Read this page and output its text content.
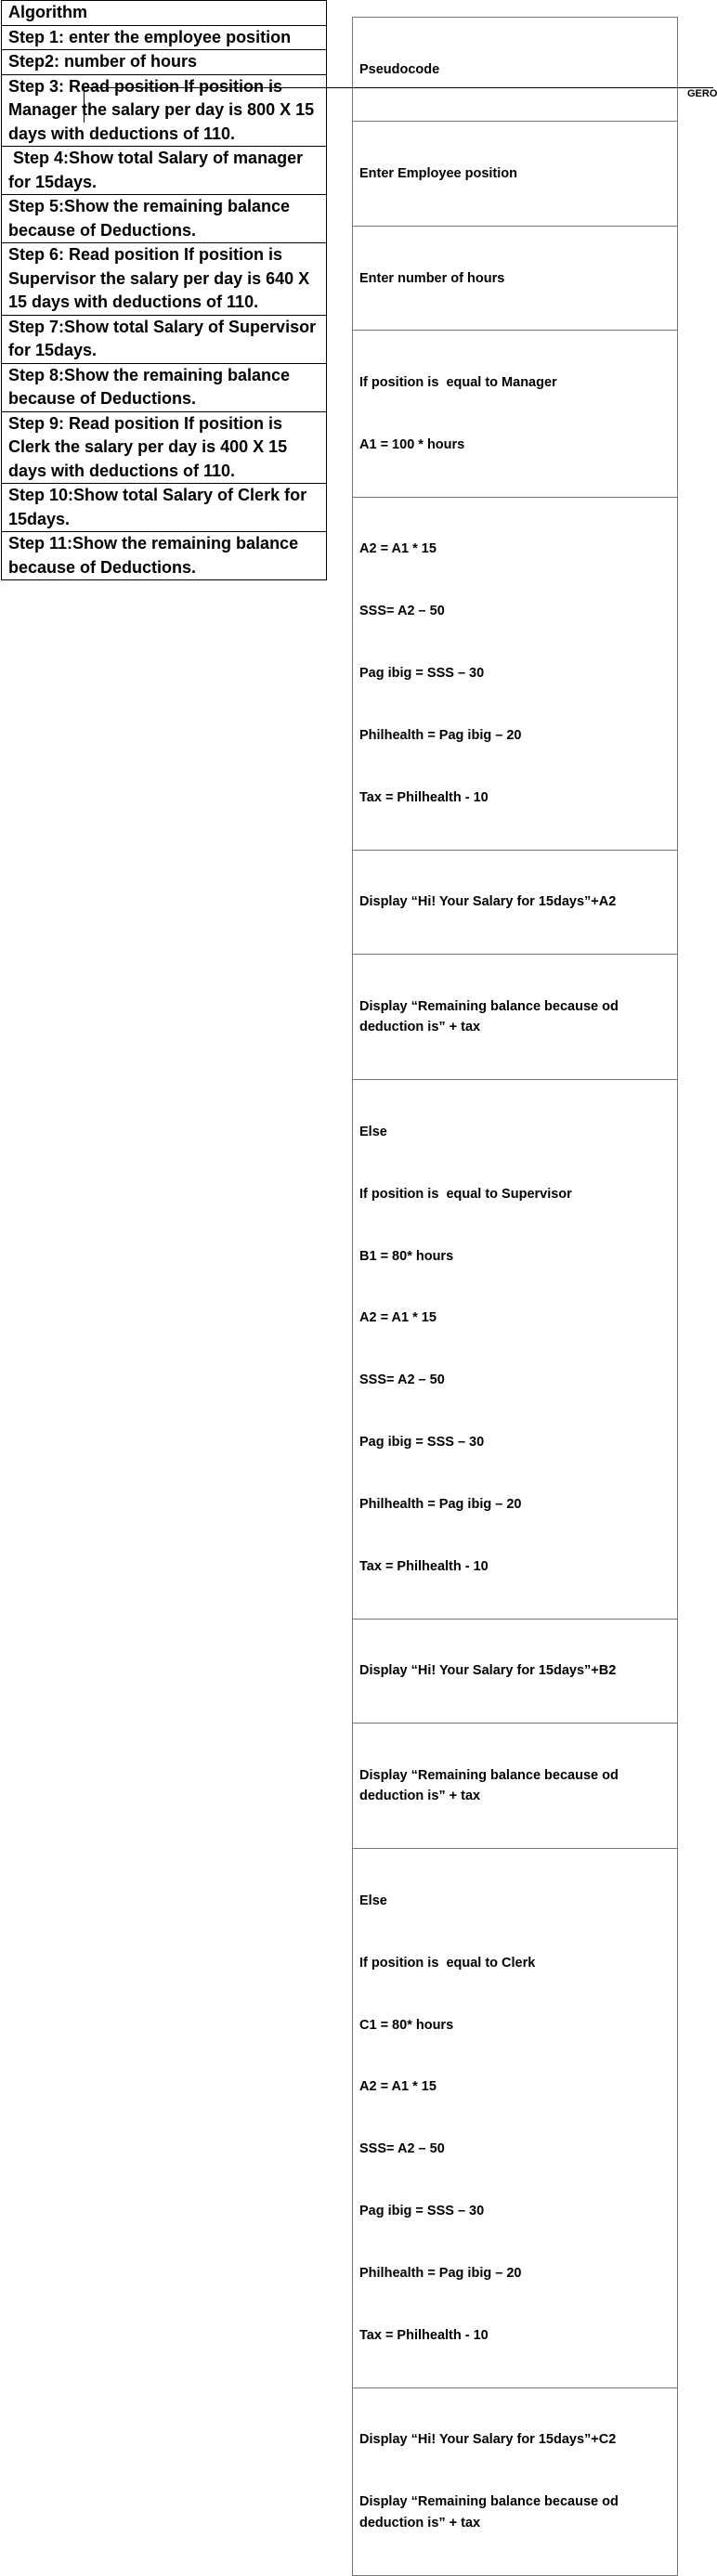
Algorithm
Step 1: enter the employee position
Step2: number of hours
Step 3: Read position If position is Manager the salary per day is 800 X 15 days with deductions of 110.
Step 4:Show total Salary of manager for 15days.
Step 5:Show the remaining balance because of Deductions.
Step 6: Read position If position is Supervisor the salary per day is 640 X 15 days with deductions of 110.
Step 7:Show total Salary of Supervisor for 15days.
Step 8:Show the remaining balance because of Deductions.
Step 9: Read position If position is Clerk the salary per day is 400 X 15 days with deductions of 110.
Step 10:Show total Salary of Clerk for 15days.
Step 11:Show the remaining balance because of Deductions.

Pseudocode

Enter Employee position

Enter number of hours

If position is  equal to Manager

A1 = 100 * hours

A2 = A1 * 15

SSS= A2 – 50

Pag ibig = SSS – 30

Philhealth = Pag ibig – 20

Tax = Philhealth - 10

Display “Hi! Your Salary for 15days”+A2

Display “Remaining balance because od deduction is” + tax

Else

If position is  equal to Supervisor

B1 = 80* hours

A2 = A1 * 15

SSS= A2 – 50

Pag ibig = SSS – 30

Philhealth = Pag ibig – 20

Tax = Philhealth - 10

Display “Hi! Your Salary for 15days”+B2

Display “Remaining balance because od deduction is” + tax

Else

If position is  equal to Clerk

C1 = 80* hours

A2 = A1 * 15

SSS= A2 – 50

Pag ibig = SSS – 30

Philhealth = Pag ibig – 20

Tax = Philhealth - 10

Display “Hi! Your Salary for 15days”+C2

Display “Remaining balance because od deduction is” + tax

GERO
